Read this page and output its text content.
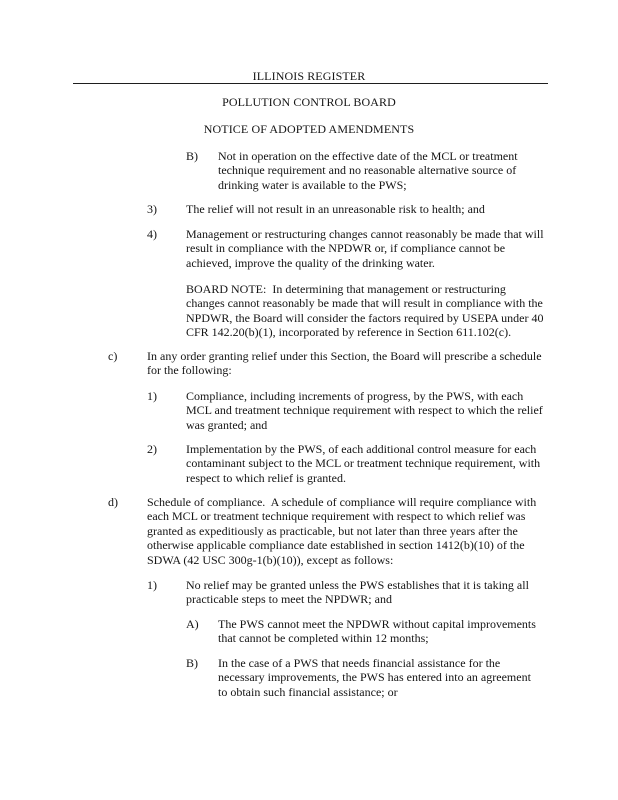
ILLINOIS REGISTER
POLLUTION CONTROL BOARD
NOTICE OF ADOPTED AMENDMENTS
B) Not in operation on the effective date of the MCL or treatment
technique requirement and no reasonable alternative source of
drinking water is available to the PWS;
3) The relief will not result in an unreasonable risk to health; and
4) Management or restructuring changes cannot reasonably be made that will
result in compliance with the NPDWR or, if compliance cannot be
achieved, improve the quality of the drinking water.
BOARD NOTE:  In determining that management or restructuring
changes cannot reasonably be made that will result in compliance with the
NPDWR, the Board will consider the factors required by USEPA under 40
CFR 142.20(b)(1), incorporated by reference in Section 611.102(c).
c) In any order granting relief under this Section, the Board will prescribe a schedule
for the following:
1) Compliance, including increments of progress, by the PWS, with each
MCL and treatment technique requirement with respect to which the relief
was granted; and
2) Implementation by the PWS, of each additional control measure for each
contaminant subject to the MCL or treatment technique requirement, with
respect to which relief is granted.
d) Schedule of compliance.  A schedule of compliance will require compliance with
each MCL or treatment technique requirement with respect to which relief was
granted as expeditiously as practicable, but not later than three years after the
otherwise applicable compliance date established in section 1412(b)(10) of the
SDWA (42 USC 300g-1(b)(10)), except as follows:
1) No relief may be granted unless the PWS establishes that it is taking all
practicable steps to meet the NPDWR; and
A) The PWS cannot meet the NPDWR without capital improvements
that cannot be completed within 12 months;
B) In the case of a PWS that needs financial assistance for the
necessary improvements, the PWS has entered into an agreement
to obtain such financial assistance; or
